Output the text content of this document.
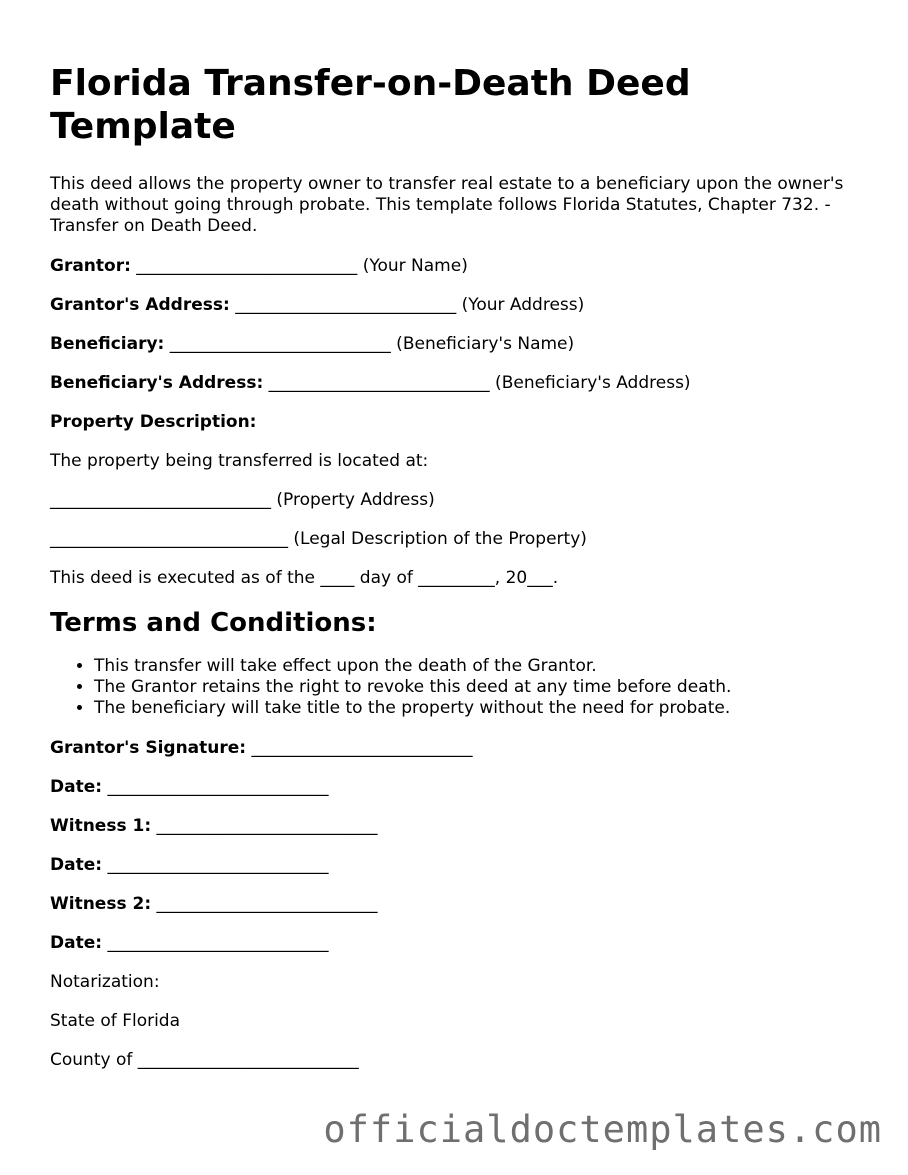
Florida Transfer-on-Death Deed Template

This deed allows the property owner to transfer real estate to a beneficiary upon the owner's death without going through probate. This template follows Florida Statutes, Chapter 732. - Transfer on Death Deed.

Grantor: __________________________ (Your Name)
Grantor's Address: __________________________ (Your Address)
Beneficiary: __________________________ (Beneficiary's Name)
Beneficiary's Address: __________________________ (Beneficiary's Address)
Property Description:
The property being transferred is located at:
__________________________ (Property Address)
____________________________ (Legal Description of the Property)
This deed is executed as of the ____ day of _________, 20___.
Terms and Conditions:
• This transfer will take effect upon the death of the Grantor.
• The Grantor retains the right to revoke this deed at any time before death.
• The beneficiary will take title to the property without the need for probate.
Grantor's Signature: __________________________
Date: __________________________
Witness 1: __________________________
Date: __________________________
Witness 2: __________________________
Date: __________________________
Notarization:
State of Florida
County of __________________________
officialdoctemplates.com
